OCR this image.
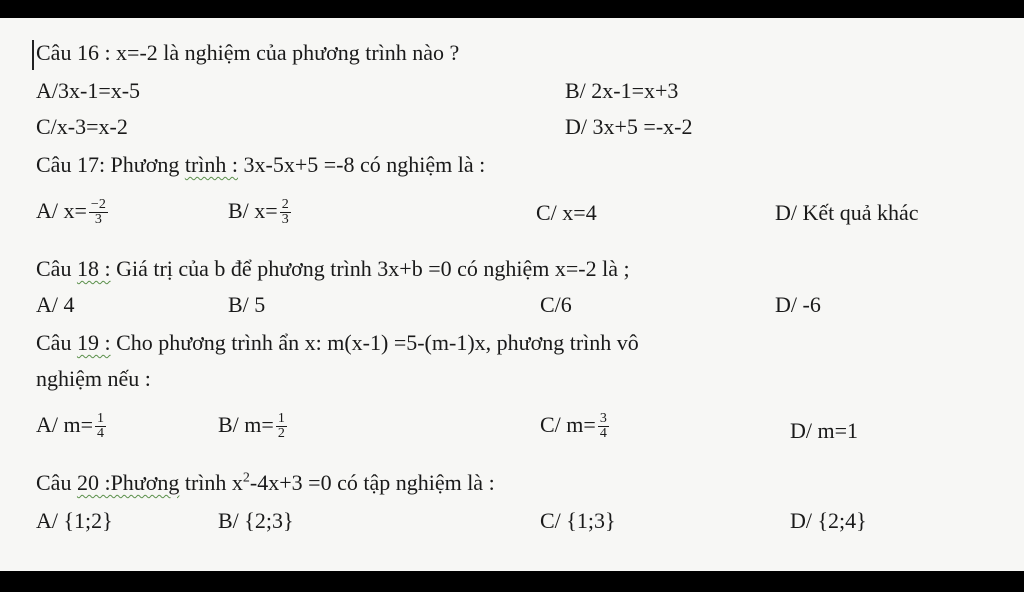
Câu 16 : x=-2 là nghiệm của phương trình nào ?
A/3x-1=x-5	B/ 2x-1=x+3
C/x-3=x-2	D/ 3x+5 =-x-2
Câu 17: Phương trình : 3x-5x+5 =-8 có nghiệm là :
A/ $x= \frac{-2}{3}$	B/ $x= \frac{2}{3}$	C/ x=4	D/ Kết quả khác
Câu 18 : Giá trị của b để phương trình 3x+b =0 có nghiệm x=-2 là ;
A/ 4	B/ 5	C/6	D/ -6
Câu 19 : Cho phương trình ẩn x: m(x-1) =5-(m-1)x, phương trình vô
nghiệm nếu :
A/ $m= \frac{1}{4}$	B/ $m= \frac{1}{2}$	C/ $m= \frac{3}{4}$	D/ m=1
Câu 20 :Phương trình $x^2-4x+3 =0$ có tập nghiệm là :
A/ {1;2}	B/ {2;3}	C/ {1;3}	D/ {2;4}
